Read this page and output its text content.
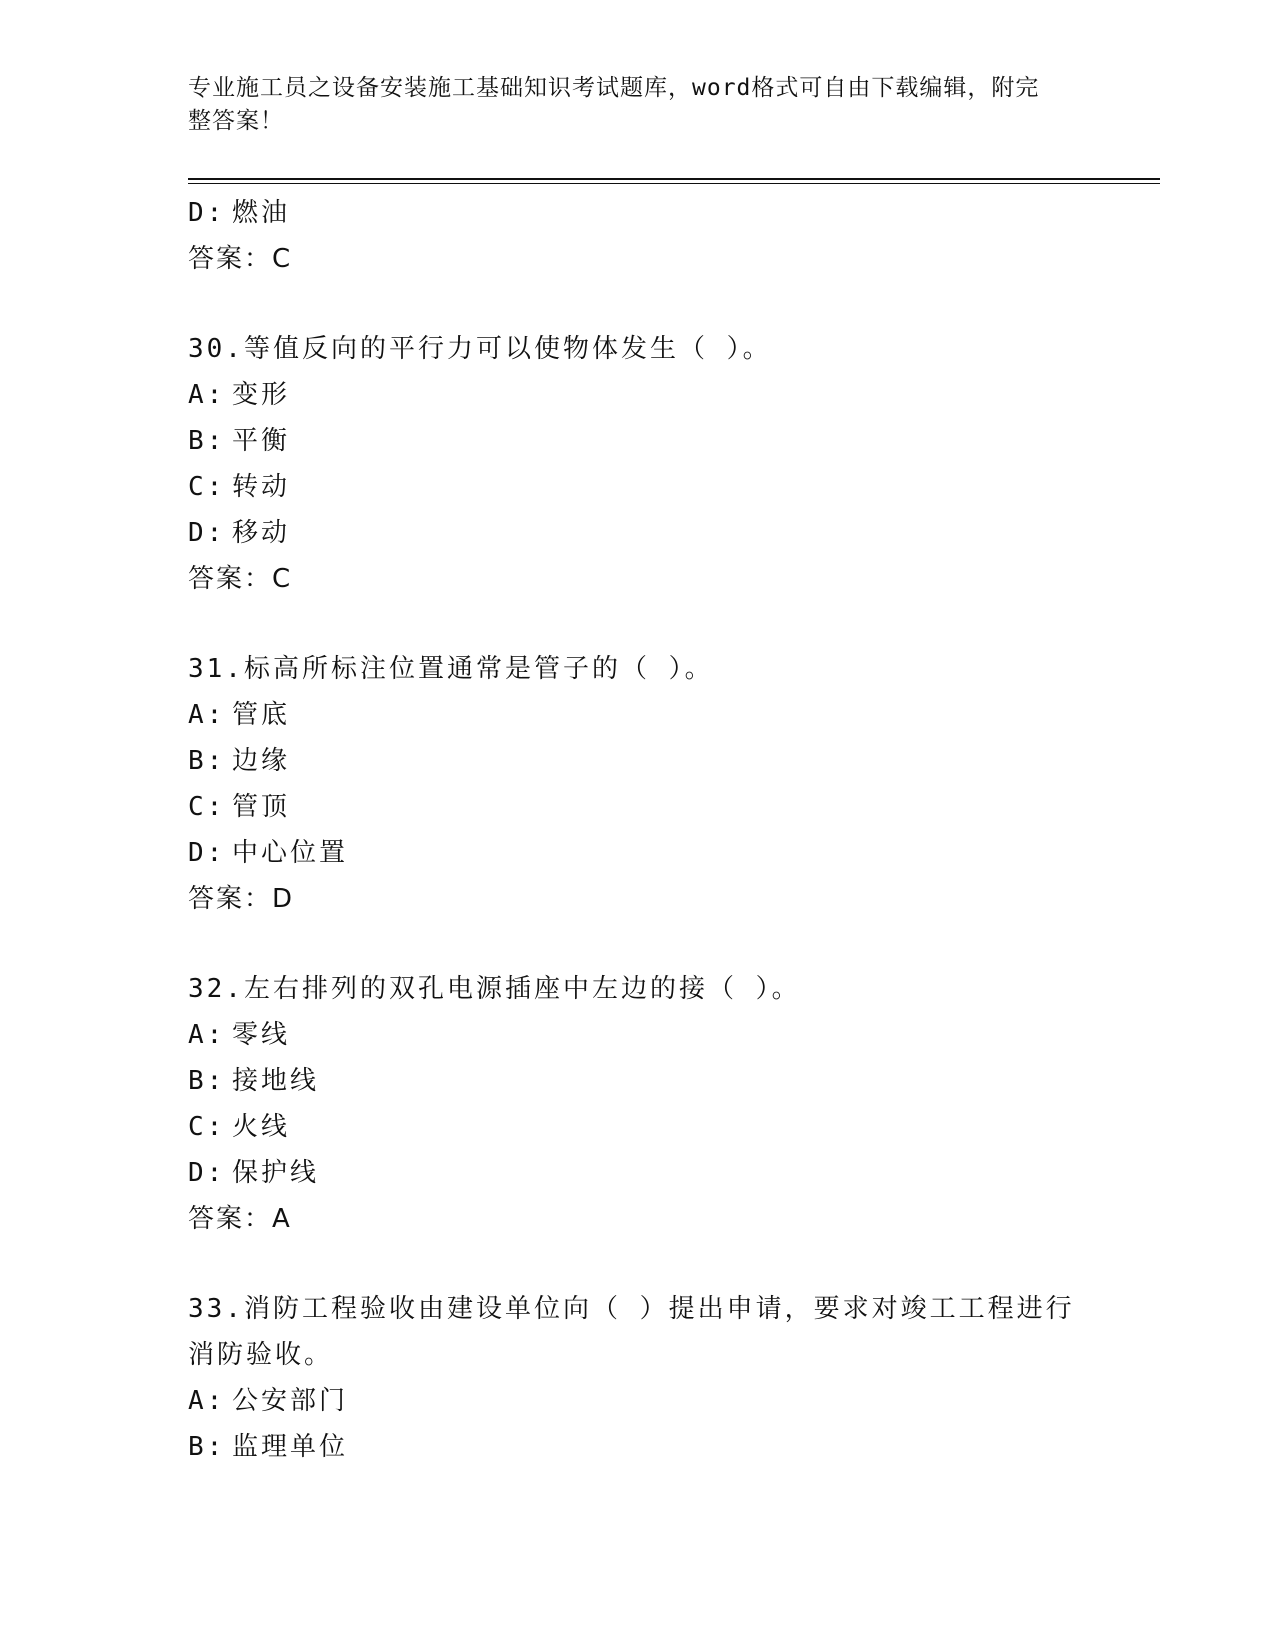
专业施工员之设备安装施工基础知识考试题库，word格式可自由下载编辑，附完
整答案！
D: 燃油
答案：C
30.等值反向的平行力可以使物体发生（ ）。
A: 变形
B: 平衡
C: 转动
D: 移动
答案：C
31.标高所标注位置通常是管子的（ ）。
A: 管底
B: 边缘
C: 管顶
D: 中心位置
答案：D
32.左右排列的双孔电源插座中左边的接（ ）。
A: 零线
B: 接地线
C: 火线
D: 保护线
答案：A
33.消防工程验收由建设单位向（ ）提出申请，要求对竣工工程进行
消防验收。
A: 公安部门
B: 监理单位
